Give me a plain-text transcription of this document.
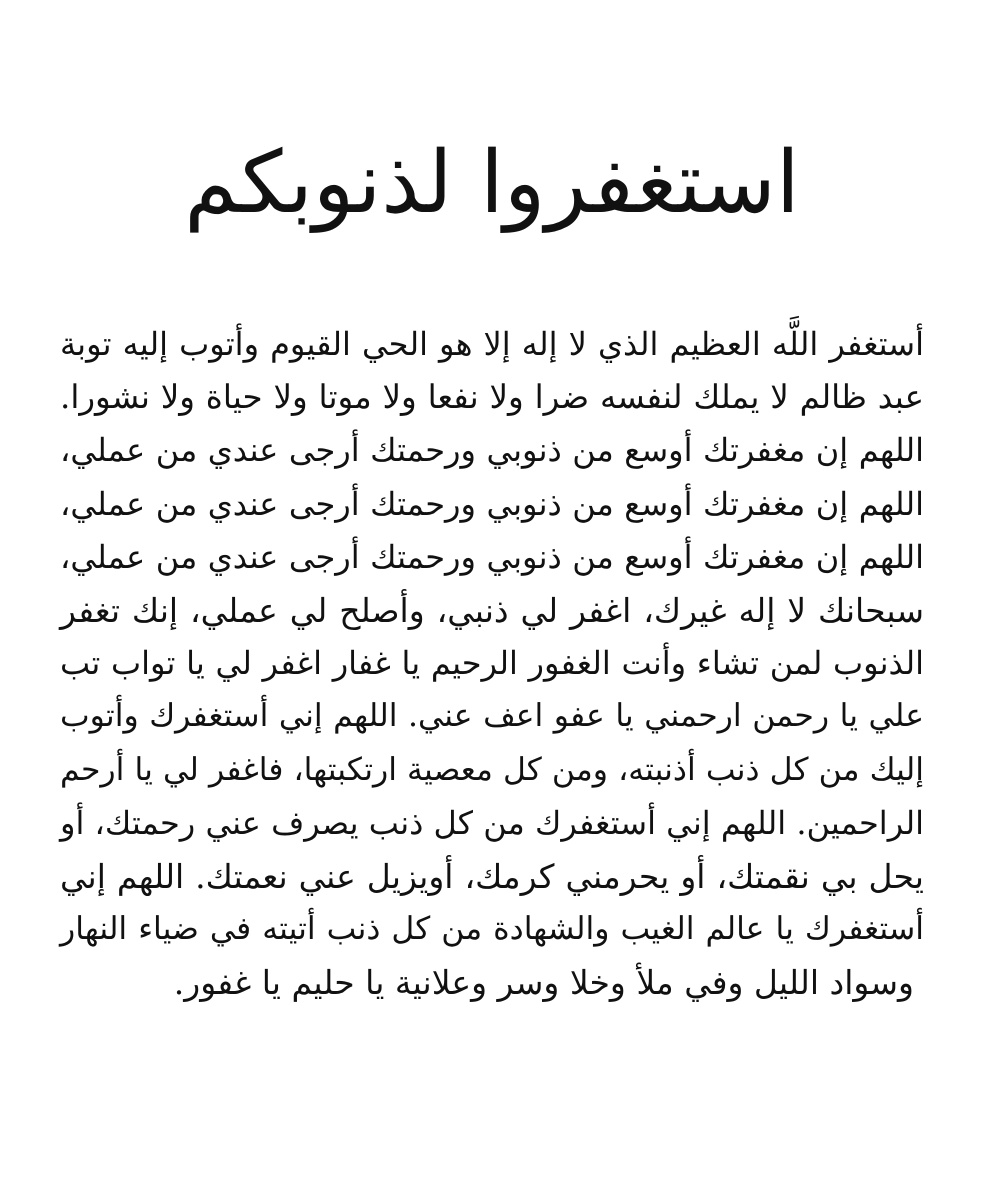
استغفروا لذنوبكم
أستغفر اللَّه العظيم الذي لا إله إلا هو الحي القيوم وأتوب إليه توبة
عبد ظالم لا يملك لنفسه ضرا ولا نفعا ولا موتا ولا حياة ولا نشورا.
اللهم إن مغفرتك أوسع من ذنوبي ورحمتك أرجى عندي من عملي،
اللهم إن مغفرتك أوسع من ذنوبي ورحمتك أرجى عندي من عملي،
اللهم إن مغفرتك أوسع من ذنوبي ورحمتك أرجى عندي من عملي،
سبحانك لا إله غيرك، اغفر لي ذنبي، وأصلح لي عملي، إنك تغفر
الذنوب لمن تشاء وأنت الغفور الرحيم يا غفار اغفر لي يا تواب تب
علي يا رحمن ارحمني يا عفو اعف عني. اللهم إني أستغفرك وأتوب
إليك من كل ذنب أذنبته، ومن كل معصية ارتكبتها، فاغفر لي يا أرحم
الراحمين. اللهم إني أستغفرك من كل ذنب يصرف عني رحمتك، أو
يحل بي نقمتك، أو يحرمني كرمك، أويزيل عني نعمتك. اللهم إني
أستغفرك يا عالم الغيب والشهادة من كل ذنب أتيته في ضياء النهار
وسواد الليل وفي ملأ وخلا وسر وعلانية يا حليم يا غفور.
